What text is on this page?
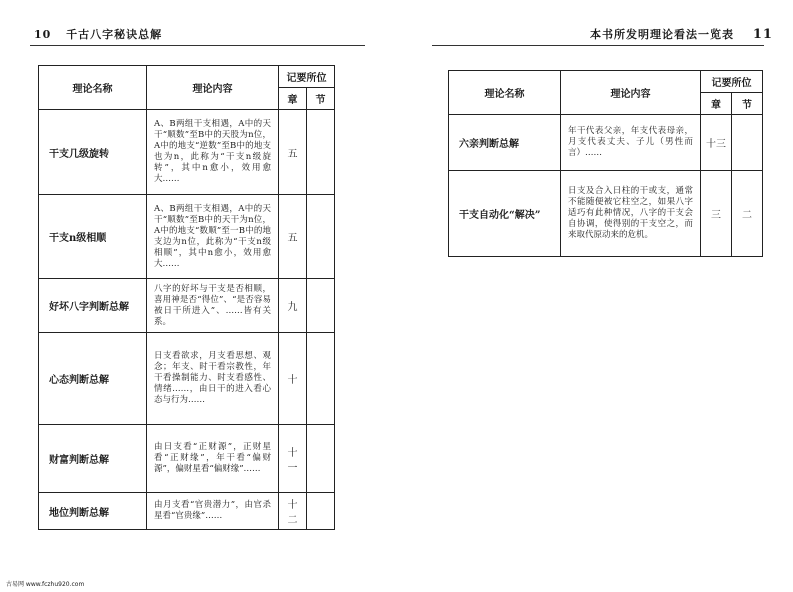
10 千古八字秘诀总解	本书所发明理论看法一览表 11
理论名称	理论内容	记要所位	
		章	节
干支几级旋转	A、B两组干支相遇，A中的天干“顺数”至B中的天股为n位，A中的地支“逆数”至B中的地支也为n，此称为“干支n级旋转”，其中n愈小，效用愈大……	五	
干支n级相顺	A、B两组干支相遇，A中的天干“顺数”至B中的天干为n位，A中的地支“数顺”至一B中的地支边为n位，此称为“干支n级相顺”，其中n愈小，效用愈大……	五	
好坏八字判断总解	八字的好坏与干支是否相顺，喜用神是否“得位”、“是否容易被日干所进入”、……皆有关系。	九	
心态判断总解	日支看欲求，月支看思想、观念；年支、时干看宗教性，年干看操制能力、时支看感性、情绪……，由日干的进入看心态与行为……	十	
财富判断总解	由日支看“正财源”，正财星看“正财缘”，年干看“偏财源”，偏财星看“偏财缘”……	十一	
地位判断总解	由月支看“官贵潜力”，由官杀星看“官贵缘”……	十二	
理论名称	理论内容	记要所位	
		章	节
六亲判断总解	年干代表父亲，年支代表母亲，月支代表丈夫、子儿（男性而言）……	十三	
干支自动化“解决”	日支及合入日柱的干或支，通常不能随便被它柱空之，如果八字适巧有此种情况，八字的干支会自协调，使得别的干支空之，而来取代原动来的危机。	三	二
古易网 www.fczhu920.com
